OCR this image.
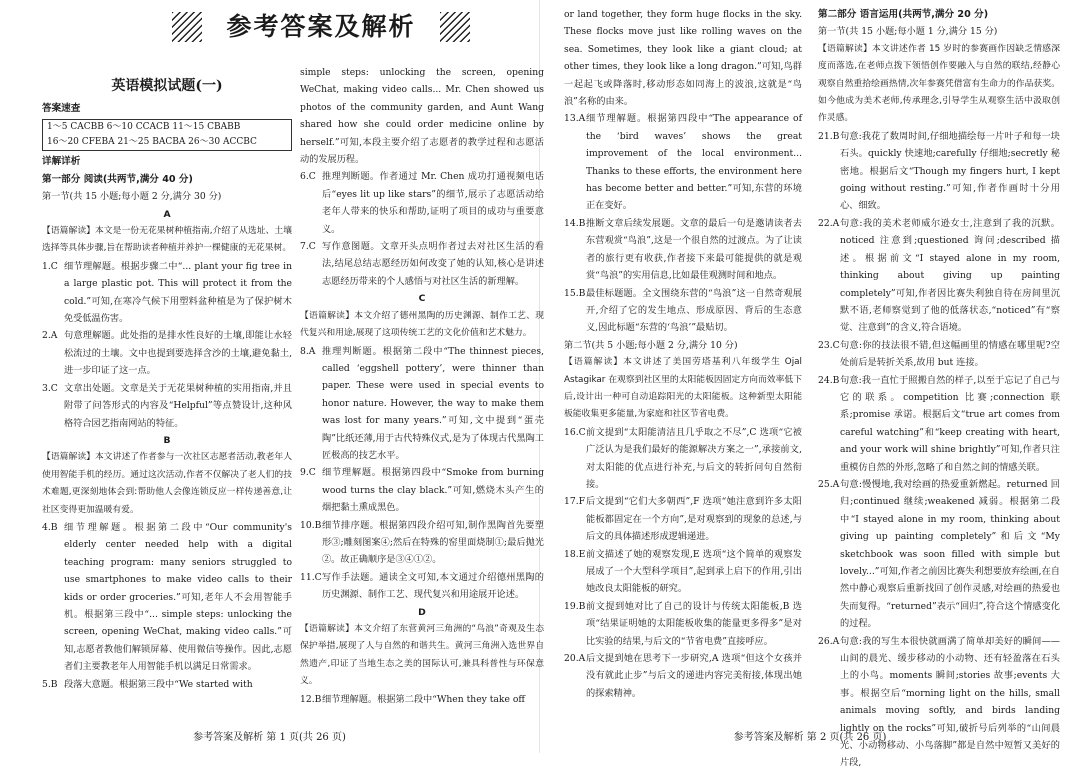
参考答案及解析
英语模拟试题(一)

答案速查

1～5 CACBB 6～10 CCACB 11～15 CBABB
16～20 CFEBA 21～25 BACBA 26～30 ACCBC

详解详析

第一部分 阅读(共两节,满分 40 分)

第一节(共 15 小题;每小题 2 分,满分 30 分)

A

【语篇解读】本文是一份无花果树种植指南,介绍了从选址、土壤选择等具体步骤,旨在帮助读者种植并养护一棵健康的无花果树。

1.C 细节理解题。根据步骤二中“... plant your fig tree in a large plastic pot. This will protect it from the cold.”可知,在寒冷气候下用塑料盆种植是为了保护树木免受低温伤害。
2.A 句意理解题。此处指的是排水性良好的土壤,即能让水轻松流过的土壤。文中也提到要选择含沙的土壤,避免黏土,进一步印证了这一点。
3.C 文章出处题。文章是关于无花果树种植的实用指南,并且附带了问答形式的内容及“Helpful”等点赞设计,这种风格符合园艺指南网站的特征。

B

【语篇解读】本文讲述了作者参与一次社区志愿者活动,教老年人使用智能手机的经历。通过这次活动,作者不仅解决了老人们的技术难题,更深刻地体会到:帮助他人会像连锁反应一样传递善意,让社区变得更加温暖有爱。

4.B 细节理解题。根据第二段中“Our community's elderly center needed help with a digital teaching program: many seniors struggled to use smartphones to make video calls to their kids or order groceries.”可知,老年人不会用智能手机。根据第三段中“... simple steps: unlocking the screen, opening WeChat, making video calls.”可知,志愿者教他们解锁屏幕、使用微信等操作。因此,志愿者们主要教老年人用智能手机以满足日常需求。
5.B 段落大意题。根据第三段中“We started with

simple steps: unlocking the screen, opening WeChat, making video calls... Mr. Chen showed us photos of the community garden, and Aunt Wang shared how she could order medicine online by herself.”可知,本段主要介绍了志愿者的教学过程和志愿活动的发展历程。

6.C 推理判断题。作者通过 Mr. Chen 成功打通视频电话后“eyes lit up like stars”的细节,展示了志愿活动给老年人带来的快乐和帮助,证明了项目的成功与重要意义。
7.C 写作意图题。文章开头点明作者过去对社区生活的看法,结尾总结志愿经历如何改变了她的认知,核心是讲述志愿经历带来的个人感悟与对社区生活的新理解。

C

【语篇解读】本文介绍了德州黑陶的历史渊源、制作工艺、现代复兴和用途,展现了这项传统工艺的文化价值和艺术魅力。

8.A 推理判断题。根据第二段中“The thinnest pieces, called ‘eggshell pottery’, were thinner than paper. These were used in special events to honor nature. However, the way to make them was lost for many years.”可知,文中提到“蛋壳陶”比纸还薄,用于古代特殊仪式,是为了体现古代黑陶工匠极高的技艺水平。
9.C 细节理解题。根据第四段中“Smoke from burning wood turns the clay black.”可知,燃烧木头产生的烟把黏土熏成黑色。
10.B 细节排序题。根据第四段介绍可知,制作黑陶首先要塑形③;雕刻图案④;然后在特殊的窑里面烧制①;最后抛光②。故正确顺序是③④①②。
11.C 写作手法题。通读全文可知,本文通过介绍德州黑陶的历史渊源、制作工艺、现代复兴和用途展开论述。

D

【语篇解读】本文介绍了东营黄河三角洲的“鸟浪”奇观及生态保护举措,展现了人与自然的和谐共生。黄河三角洲入选世界自然遗产,印证了当地生态之美的国际认可,兼具科普性与环保意义。

12.B 细节理解题。根据第二段中“When they take off
参考答案及解析 第 1 页(共 26 页)

or land together, they form huge flocks in the sky. These flocks move just like rolling waves on the sea. Sometimes, they look like a giant cloud; at other times, they look like a long dragon.”可知,鸟群一起起飞或降落时,移动形态如同海上的波浪,这就是“鸟浪”名称的由来。

13.A 细节理解题。根据第四段中“The appearance of the ‘bird waves’ shows the great improvement of the local environment... Thanks to these efforts, the environment here has become better and better.”可知,东营的环境正在变好。
14.B 推断文章后续发展题。文章的最后一句是邀请读者去东营观赏“鸟浪”,这是一个很自然的过渡点。为了让读者的旅行更有收获,作者接下来最可能提供的就是观赏“鸟浪”的实用信息,比如最佳观测时间和地点。
15.B 最佳标题题。全文围绕东营的“鸟浪”这一自然奇观展开,介绍了它的发生地点、形成原因、背后的生态意义,因此标题“东营的‘鸟浪’”最贴切。

第二节(共 5 小题;每小题 2 分,满分 10 分)

【语篇解读】本文讲述了美国劳塔基利八年级学生 Ojal Astagikar 在观察到社区里的太阳能板因固定方向而效率低下后,设计出一种可自动追踪阳光的太阳能板。这种新型太阳能板能收集更多能量,为家庭和社区节省电费。

16.C 前文提到“太阳能清洁且几乎取之不尽”,C 选项“它被广泛认为是我们最好的能源解决方案之一”,承接前文,对太阳能的优点进行补充,与后文的转折问句自然衔接。
17.F 后文提到“它们大多朝西”,F 选项“她注意到许多太阳能板都固定在一个方向”,是对观察到的现象的总述,与后文的具体描述形成逻辑递进。
18.E 前文描述了她的观察发现,E 选项“这个简单的观察发展成了一个大型科学项目”,起到承上启下的作用,引出她改良太阳能板的研究。
19.B 前文提到她对比了自己的设计与传统太阳能板,B 选项“结果证明她的太阳能板收集的能量更多得多”是对比实验的结果,与后文的“节省电费”直接呼应。
20.A 后文提到她在思考下一步研究,A 选项“但这个女孩并没有就此止步”与后文的递进内容完美衔接,体现出她的探索精神。

第二部分 语言运用(共两节,满分 20 分)

第一节(共 15 小题;每小题 1 分,满分 15 分)

【语篇解读】本文讲述作者 15 岁时的参赛画作因缺乏情感深度而落选,在老师点拨下领悟创作要融入与自然的联结,经静心观察自然重拾绘画热情,次年参赛凭借富有生命力的作品获奖。如今他成为美术老师,传承理念,引导学生从观察生活中汲取创作灵感。

21.B 句意:我花了数周时间,仔细地描绘每一片叶子和每一块石头。quickly 快速地;carefully 仔细地;secretly 秘密地。根据后文“Though my fingers hurt, I kept going without resting.”可知,作者作画时十分用心、细致。
22.A 句意:我的美术老师威尔逊女士,注意到了我的沉默。noticed 注意到;questioned 询问;described 描述。根据前文“I stayed alone in my room, thinking about giving up painting completely”可知,作者因比赛失利独自待在房间里沉默不语,老师察觉到了他的低落状态,“noticed”有“察觉、注意到”的含义,符合语境。
23.C 句意:你的技法很不错,但这幅画里的情感在哪里呢?空处前后是转折关系,故用 but 连接。
24.B 句意:我一直忙于照搬自然的样子,以至于忘记了自己与它的联系。competition 比赛;connection 联系;promise 承诺。根据后文“true art comes from careful watching”和“keep creating with heart, and your work will shine brightly”可知,作者只注重模仿自然的外形,忽略了和自然之间的情感关联。
25.A 句意:慢慢地,我对绘画的热爱重新燃起。returned 回归;continued 继续;weakened 减弱。根据第二段中“I stayed alone in my room, thinking about giving up painting completely”和后文“My sketchbook was soon filled with simple but lovely...”可知,作者之前因比赛失利想要放弃绘画,在自然中静心观察后重新找回了创作灵感,对绘画的热爱也失而复得。“returned”表示“回归”,符合这个情感变化的过程。
26.A 句意:我的写生本很快就画满了简单却美好的瞬间——山间的晨光、缓步移动的小动物、还有轻盈落在石头上的小鸟。moments 瞬间;stories 故事;events 大事。根据空后“morning light on the hills, small animals moving softly, and birds landing lightly on the rocks”可知,破折号后列举的“山间晨光、小动物移动、小鸟落脚”都是自然中短暂又美好的片段,
参考答案及解析 第 2 页(共 26 页)
